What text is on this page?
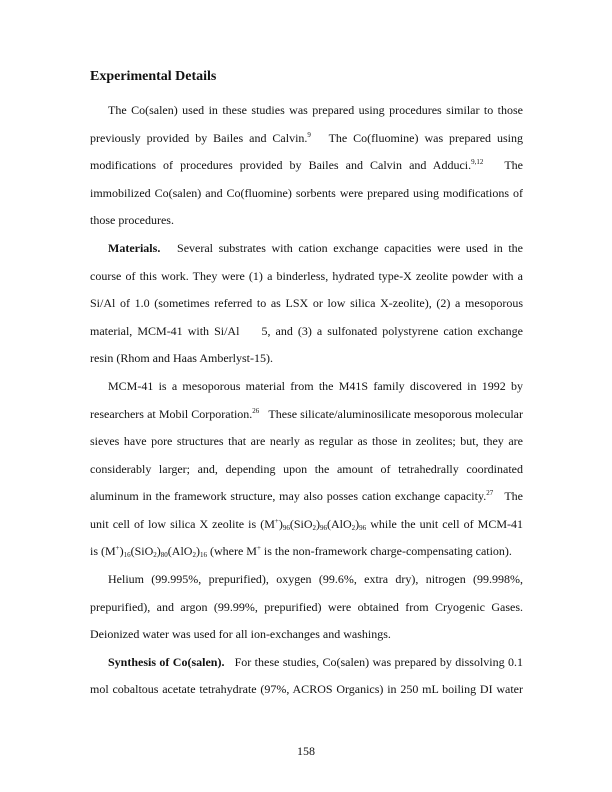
Experimental Details
The Co(salen) used in these studies was prepared using procedures similar to those
previously provided by Bailes and Calvin.$^9$ The Co(fluomine) was prepared using
modifications of procedures provided by Bailes and Calvin and Adduci.$^{9,12}$ The
immobilized Co(salen) and Co(fluomine) sorbents were prepared using modifications of
those procedures.
Materials. Several substrates with cation exchange capacities were used in the
course of this work. They were (1) a binderless, hydrated type-X zeolite powder with a
Si/Al of 1.0 (sometimes referred to as LSX or low silica X-zeolite), (2) a mesoporous
material, MCM-41 with Si/Al   5, and (3) a sulfonated polystyrene cation exchange
resin (Rhom and Haas Amberlyst-15).
MCM-41 is a mesoporous material from the M41S family discovered in 1992 by
researchers at Mobil Corporation.$^{26}$ These silicate/aluminosilicate mesoporous molecular
sieves have pore structures that are nearly as regular as those in zeolites; but, they are
considerably larger; and, depending upon the amount of tetrahedrally coordinated
aluminum in the framework structure, may also posses cation exchange capacity.$^{27}$ The
unit cell of low silica X zeolite is $(M^+)_{96}(SiO_2)_{96}(AlO_2)_{96}$ while the unit cell of MCM-41
is $(M^+)_{16}(SiO_2)_{80}(AlO_2)_{16}$ (where M+ is the non-framework charge-compensating cation).
Helium (99.995%, prepurified), oxygen (99.6%, extra dry), nitrogen (99.998%,
prepurified), and argon (99.99%, prepurified) were obtained from Cryogenic Gases.
Deionized water was used for all ion-exchanges and washings.
Synthesis of Co(salen). For these studies, Co(salen) was prepared by dissolving 0.1
mol cobaltous acetate tetrahydrate (97%, ACROS Organics) in 250 mL boiling DI water
158
